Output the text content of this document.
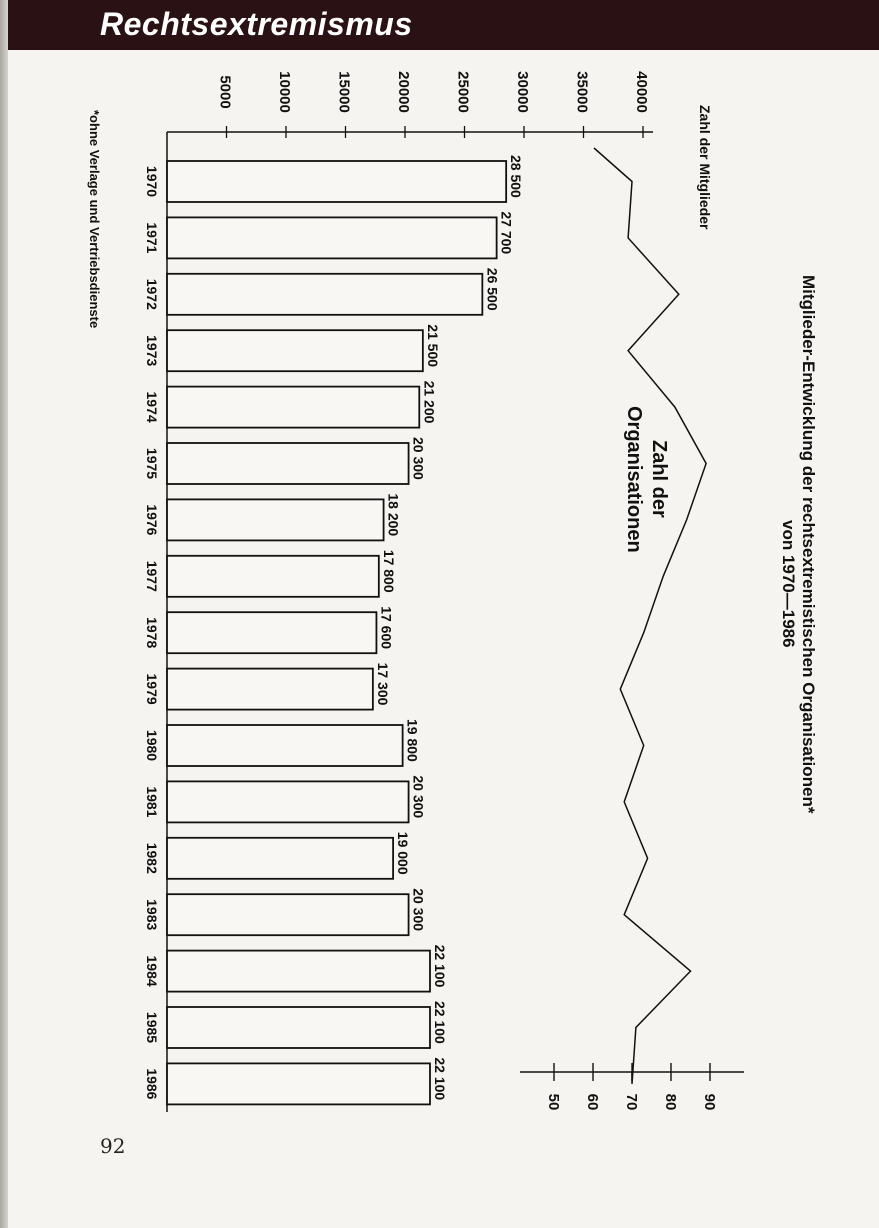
Rechtsextremismus
Mitglieder-Entwicklung der rechtsextremistischen Organisationen*
von 1970—1986
Zahl der Mitglieder
Zahl der
Organisationen
5000	10000	15000	20000	25000	30000	35000	40000
50 60 70 80 90
28 500
27 700
26 500
21 500
21 200
20 300
18 200
17 800
17 600
17 300
19 800
20 300
19 000
20 300
22 100
22 100
22 100
1970
1971
1972
1973
1974
1975
1976
1977
1978
1979
1980
1981
1982
1983
1984
1985
1986
*ohne Verlage und Vertriebsdienste
92
